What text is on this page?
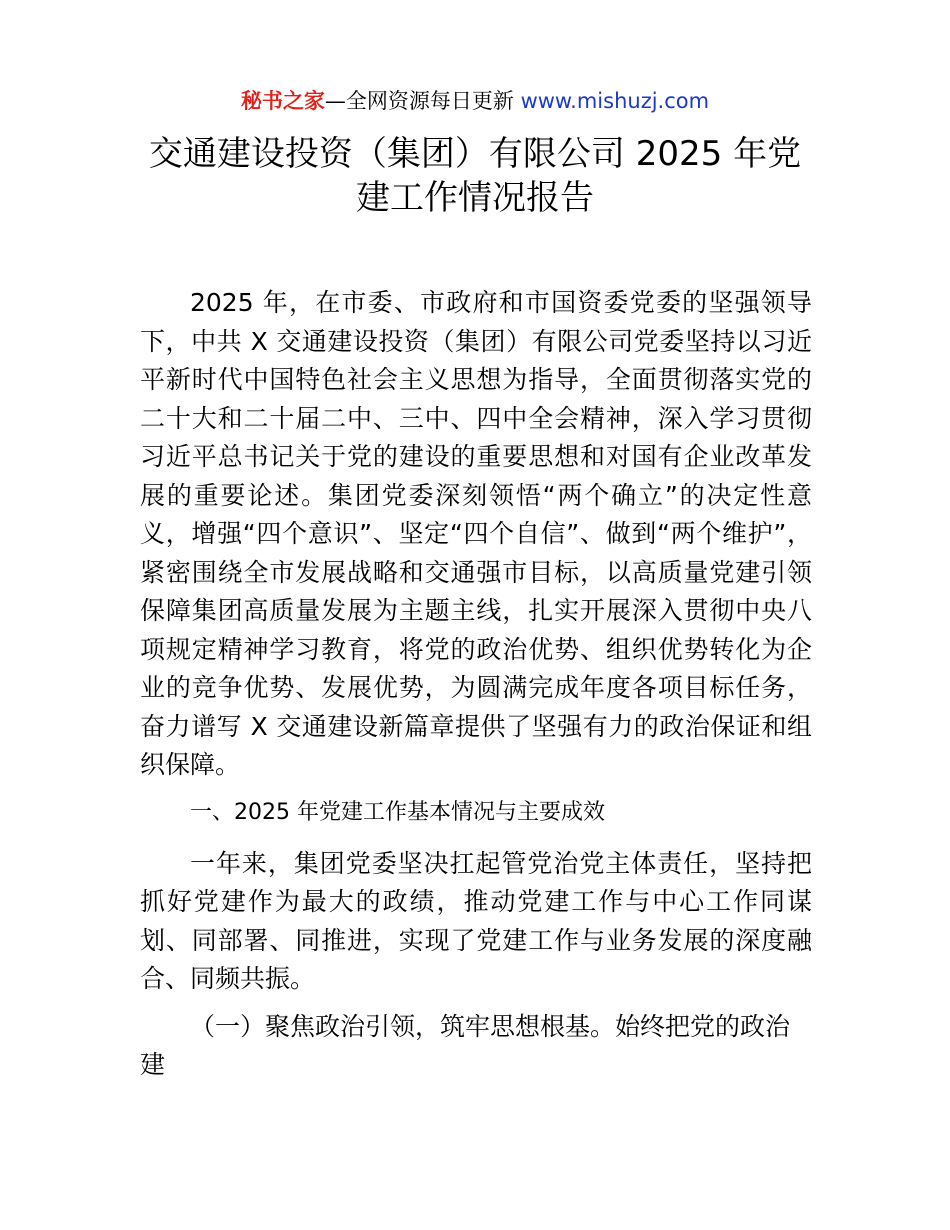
秘书之家—全网资源每日更新 www.mishuzj.com
交通建设投资（集团）有限公司 2025 年党
建工作情况报告

2025 年，在市委、市政府和市国资委党委的坚强领导下，中共 X 交通建设投资（集团）有限公司党委坚持以习近平新时代中国特色社会主义思想为指导，全面贯彻落实党的二十大和二十届二中、三中、四中全会精神，深入学习贯彻习近平总书记关于党的建设的重要思想和对国有企业改革发展的重要论述。集团党委深刻领悟“两个确立”的决定性意义，增强“四个意识”、坚定“四个自信”、做到“两个维护”，紧密围绕全市发展战略和交通强市目标，以高质量党建引领保障集团高质量发展为主题主线，扎实开展深入贯彻中央八项规定精神学习教育，将党的政治优势、组织优势转化为企业的竞争优势、发展优势，为圆满完成年度各项目标任务，奋力谱写 X 交通建设新篇章提供了坚强有力的政治保证和组织保障。

一、2025 年党建工作基本情况与主要成效

一年来，集团党委坚决扛起管党治党主体责任，坚持把抓好党建作为最大的政绩，推动党建工作与中心工作同谋划、同部署、同推进，实现了党建工作与业务发展的深度融合、同频共振。

（一）聚焦政治引领，筑牢思想根基。始终把党的政治建
